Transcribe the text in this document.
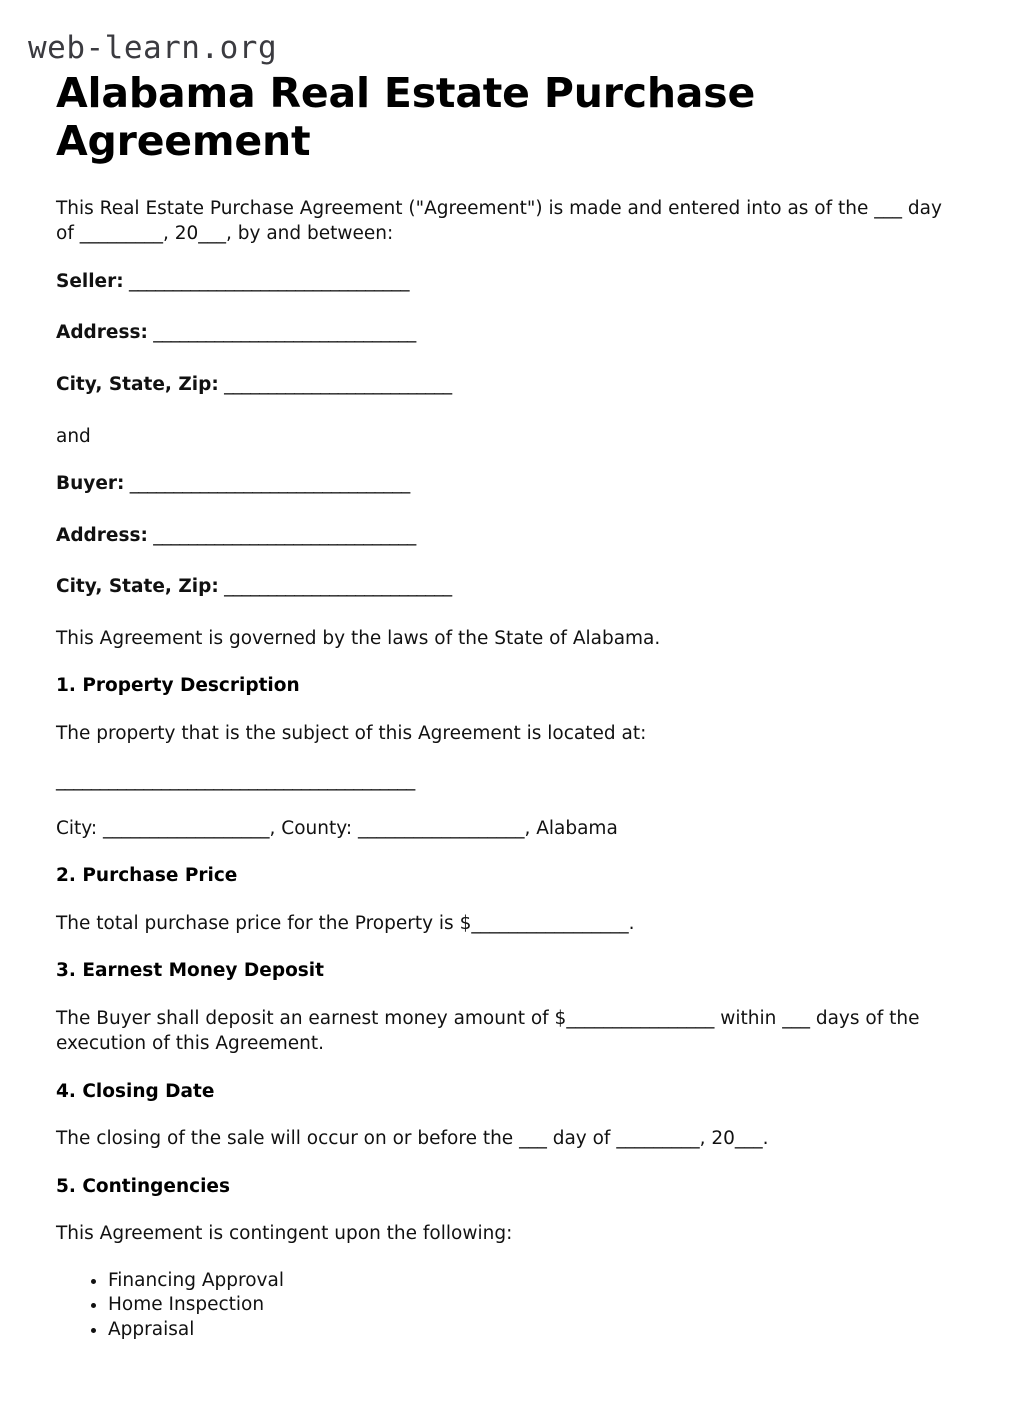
web-learn.org
Alabama Real Estate Purchase Agreement

This Real Estate Purchase Agreement ("Agreement") is made and entered into as of the ___ day of _________, 20___, by and between:

Seller: ________________________________

Address: ______________________________

City, State, Zip: __________________________

and

Buyer: ________________________________

Address: ______________________________

City, State, Zip: __________________________

This Agreement is governed by the laws of the State of Alabama.

1. Property Description

The property that is the subject of this Agreement is located at:

_________________________________________

City: __________________, County: __________________, Alabama

2. Purchase Price

The total purchase price for the Property is $_________________.

3. Earnest Money Deposit

The Buyer shall deposit an earnest money amount of $________________ within ___ days of the execution of this Agreement.

4. Closing Date

The closing of the sale will occur on or before the ___ day of _________, 20___.

5. Contingencies

This Agreement is contingent upon the following:

• Financing Approval
• Home Inspection
• Appraisal
